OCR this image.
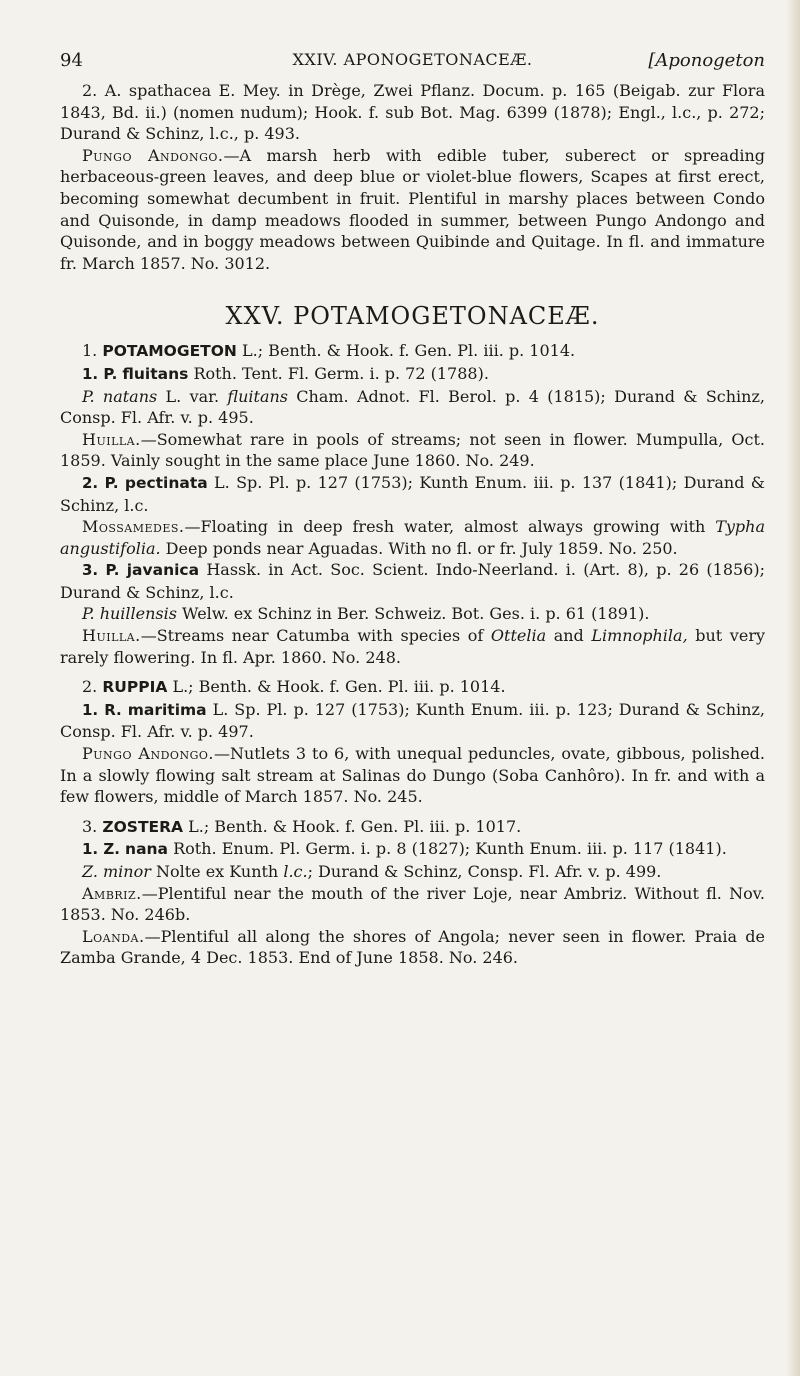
94	XXIV. APONOGETONACEÆ.	[Aponogeton

2. A. spathacea E. Mey. in Drège, Zwei Pflanz. Docum. p. 165 (Beigab. zur Flora 1843, Bd. ii.) (nomen nudum); Hook. f. sub Bot. Mag. 6399 (1878); Engl., l.c., p. 272; Durand & Schinz, l.c., p. 493.

Pungo Andongo.—A marsh herb with edible tuber, suberect or spreading herbaceous-green leaves, and deep blue or violet-blue flowers, Scapes at first erect, becoming somewhat decumbent in fruit. Plentiful in marshy places between Condo and Quisonde, in damp meadows flooded in summer, between Pungo Andongo and Quisonde, and in boggy meadows between Quibinde and Quitage. In fl. and immature fr. March 1857. No. 3012.

XXV. POTAMOGETONACEÆ.

1. POTAMOGETON L.; Benth. & Hook. f. Gen. Pl. iii. p. 1014.

1. P. fluitans Roth. Tent. Fl. Germ. i. p. 72 (1788).

P. natans L. var. fluitans Cham. Adnot. Fl. Berol. p. 4 (1815); Durand & Schinz, Consp. Fl. Afr. v. p. 495.

Huilla.—Somewhat rare in pools of streams; not seen in flower. Mumpulla, Oct. 1859. Vainly sought in the same place June 1860. No. 249.

2. P. pectinata L. Sp. Pl. p. 127 (1753); Kunth Enum. iii. p. 137 (1841); Durand & Schinz, l.c.

Mossamedes.—Floating in deep fresh water, almost always growing with Typha angustifolia. Deep ponds near Aguadas. With no fl. or fr. July 1859. No. 250.

3. P. javanica Hassk. in Act. Soc. Scient. Indo-Neerland. i. (Art. 8), p. 26 (1856); Durand & Schinz, l.c.

P. huillensis Welw. ex Schinz in Ber. Schweiz. Bot. Ges. i. p. 61 (1891).

Huilla.—Streams near Catumba with species of Ottelia and Limnophila, but very rarely flowering. In fl. Apr. 1860. No. 248.

2. RUPPIA L.; Benth. & Hook. f. Gen. Pl. iii. p. 1014.

1. R. maritima L. Sp. Pl. p. 127 (1753); Kunth Enum. iii. p. 123; Durand & Schinz, Consp. Fl. Afr. v. p. 497.

Pungo Andongo.—Nutlets 3 to 6, with unequal peduncles, ovate, gibbous, polished. In a slowly flowing salt stream at Salinas do Dungo (Soba Canhôro). In fr. and with a few flowers, middle of March 1857. No. 245.

3. ZOSTERA L.; Benth. & Hook. f. Gen. Pl. iii. p. 1017.

1. Z. nana Roth. Enum. Pl. Germ. i. p. 8 (1827); Kunth Enum. iii. p. 117 (1841).

Z. minor Nolte ex Kunth l.c.; Durand & Schinz, Consp. Fl. Afr. v. p. 499.

Ambriz.—Plentiful near the mouth of the river Loje, near Ambriz. Without fl. Nov. 1853. No. 246b.

Loanda.—Plentiful all along the shores of Angola; never seen in flower. Praia de Zamba Grande, 4 Dec. 1853. End of June 1858. No. 246.
